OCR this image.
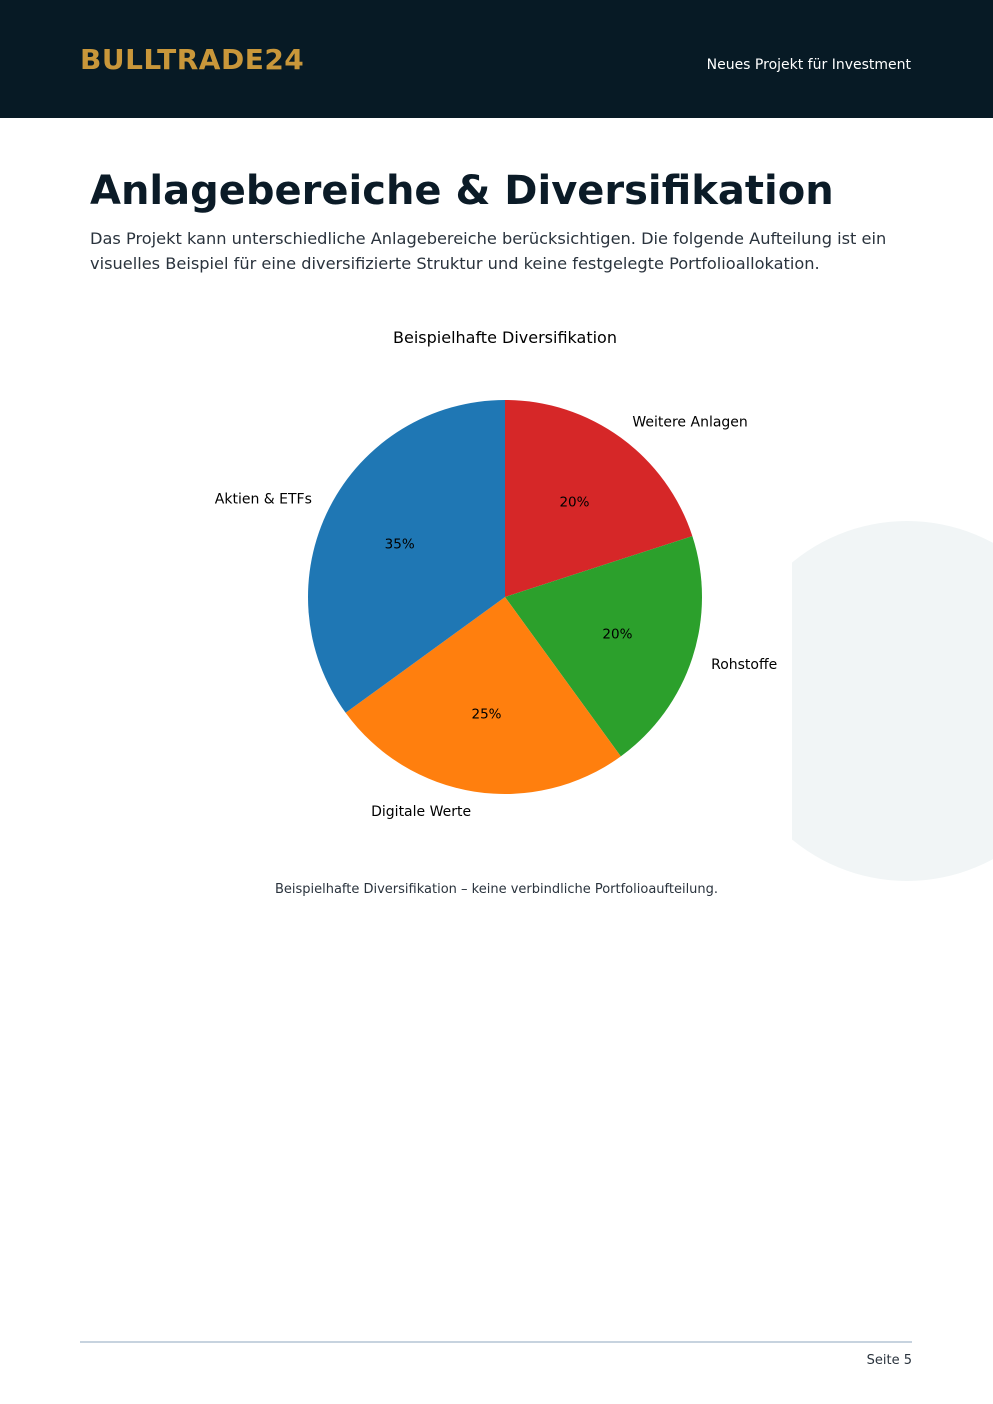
BULLTRADE24	Neues Projekt für Investment
Anlagebereiche & Diversifikation

Das Projekt kann unterschiedliche Anlagebereiche berücksichtigen. Die folgende Aufteilung ist ein visuelles Beispiel für eine diversifizierte Struktur und keine festgelegte Portfolioallokation.

Beispielhafte Diversifikation
20%
Weitere Anlagen
20%
Rohstoffe
25%
Digitale Werte
35%
Aktien & ETFs
Beispielhafte Diversifikation – keine verbindliche Portfolioaufteilung.
Seite 5
